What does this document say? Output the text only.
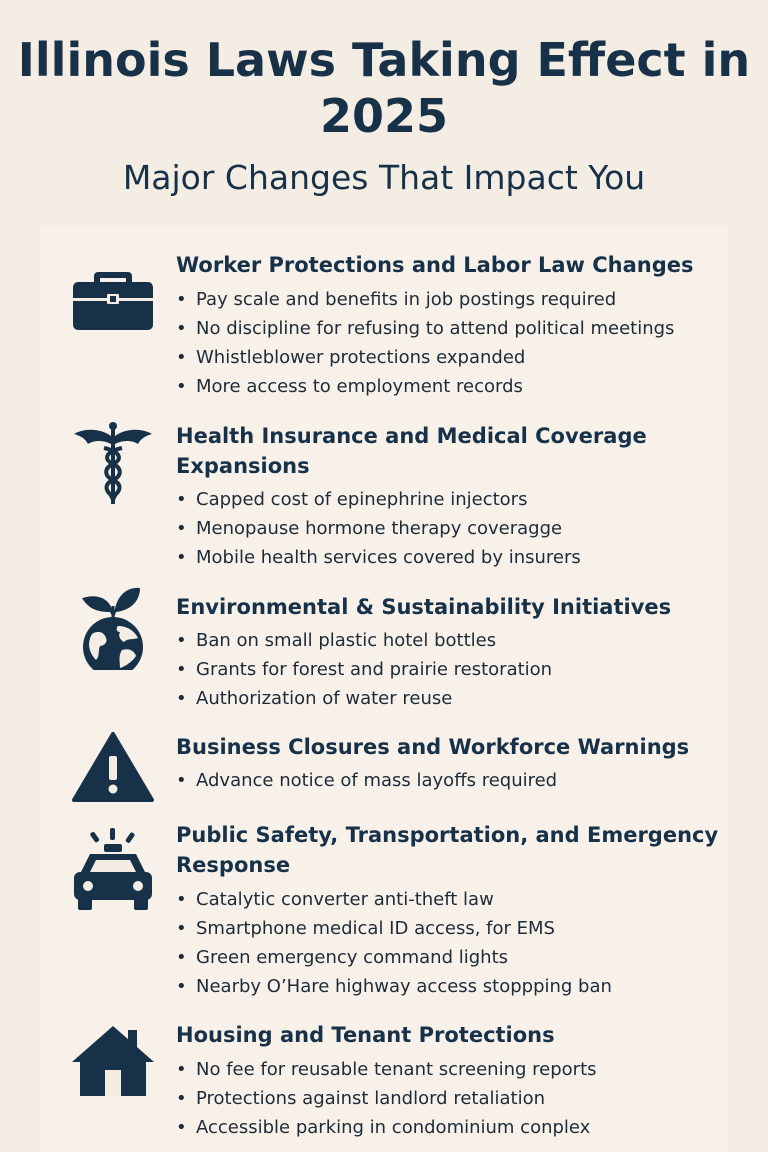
Illinois Laws Taking Effect in 2025
Major Changes That Impact You
Worker Protections and Labor Law Changes
• Pay scale and benefits in job postings required
• No discipline for refusing to attend political meetings
• Whistleblower protections expanded
• More access to employment records
Health Insurance and Medical Coverage Expansions
• Capped cost of epinephrine injectors
• Menopause hormone therapy coveragge
• Mobile health services covered by insurers
Environmental & Sustainability Initiatives
• Ban on small plastic hotel bottles
• Grants for forest and prairie restoration
• Authorization of water reuse
Business Closures and Workforce Warnings
• Advance notice of mass layoffs required
Public Safety, Transportation, and Emergency Response
• Catalytic converter anti-theft law
• Smartphone medical ID access, for EMS
• Green emergency command lights
• Nearby O’Hare highway access stoppping ban
Housing and Tenant Protections
• No fee for reusable tenant screening reports
• Protections against landlord retaliation
• Accessible parking in condominium conplex
